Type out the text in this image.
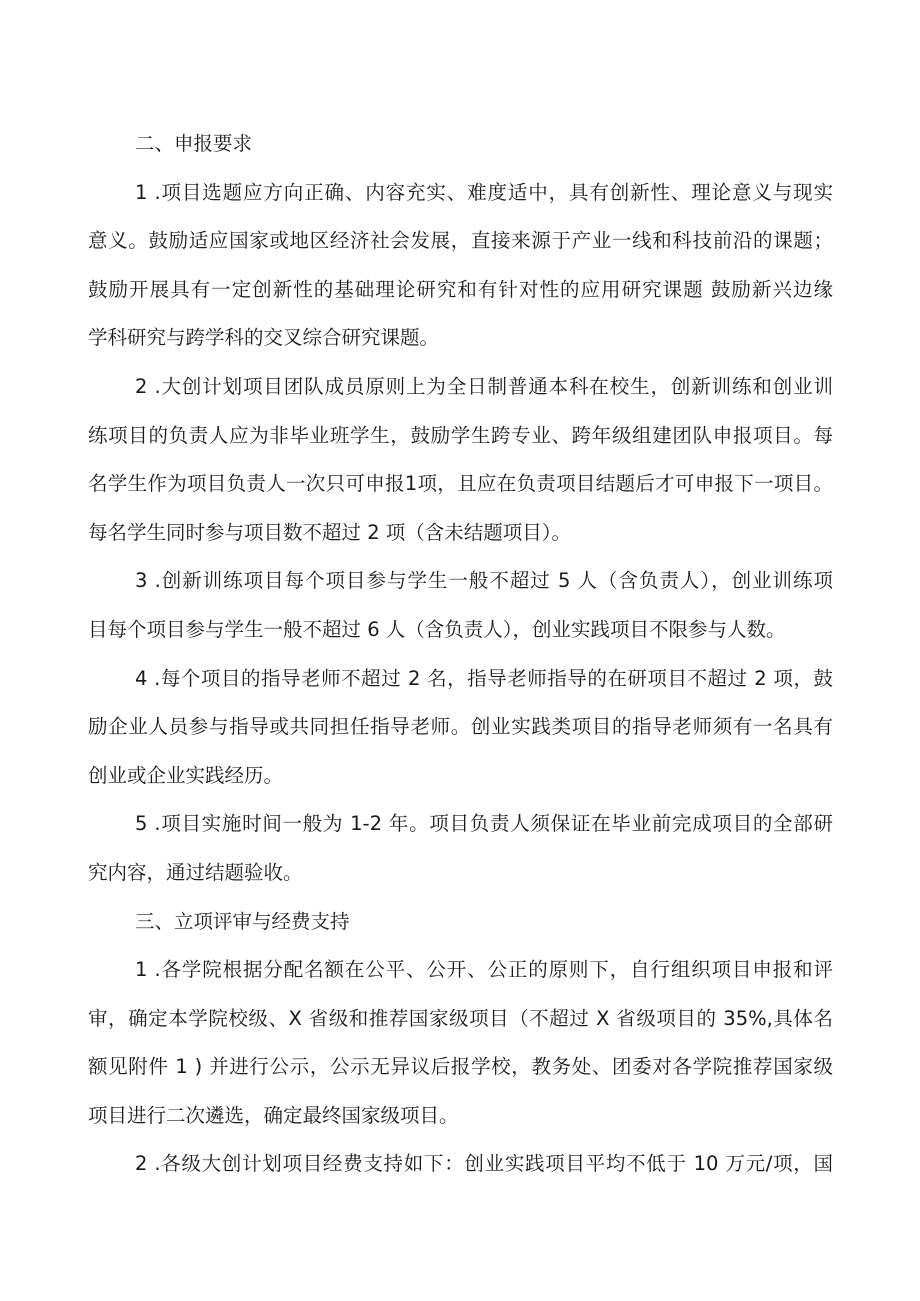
二、申报要求
1 .项目选题应方向正确、内容充实、难度适中，具有创新性、理论意义与现实
意义。鼓励适应国家或地区经济社会发展，直接来源于产业一线和科技前沿的课题；
鼓励开展具有一定创新性的基础理论研究和有针对性的应用研究课题 鼓励新兴边缘
学科研究与跨学科的交叉综合研究课题。
2 .大创计划项目团队成员原则上为全日制普通本科在校生，创新训练和创业训
练项目的负责人应为非毕业班学生，鼓励学生跨专业、跨年级组建团队申报项目。每
名学生作为项目负责人一次只可申报1项，且应在负责项目结题后才可申报下一项目。
每名学生同时参与项目数不超过 2 项（含未结题项目）。
3 .创新训练项目每个项目参与学生一般不超过 5 人（含负责人），创业训练项
目每个项目参与学生一般不超过 6 人（含负责人），创业实践项目不限参与人数。
4 .每个项目的指导老师不超过 2 名，指导老师指导的在研项目不超过 2 项，鼓
励企业人员参与指导或共同担任指导老师。创业实践类项目的指导老师须有一名具有
创业或企业实践经历。
5 .项目实施时间一般为 1-2 年。项目负责人须保证在毕业前完成项目的全部研
究内容，通过结题验收。
三、立项评审与经费支持
1 .各学院根据分配名额在公平、公开、公正的原则下，自行组织项目申报和评
审，确定本学院校级、X 省级和推荐国家级项目（不超过 X 省级项目的 35%,具体名
额见附件 1 ) 并进行公示，公示无异议后报学校，教务处、团委对各学院推荐国家级
项目进行二次遴选，确定最终国家级项目。
2 .各级大创计划项目经费支持如下：创业实践项目平均不低于 10 万元/项，国
